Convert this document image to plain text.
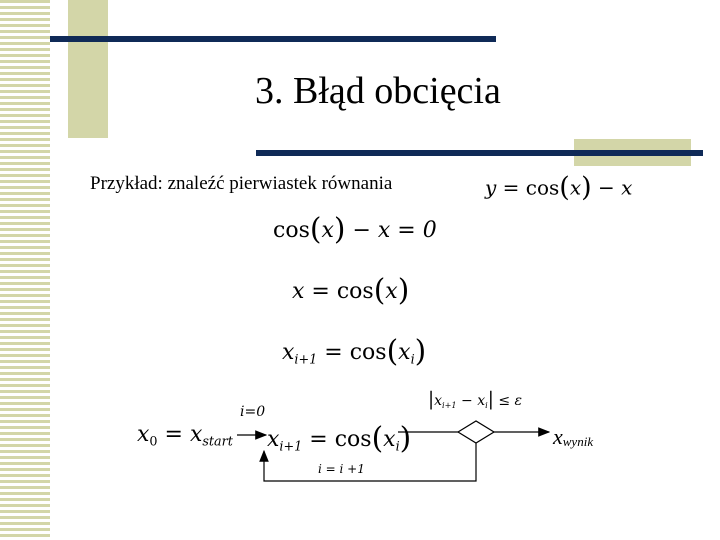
3. Błąd obcięcia
Przykład: znaleźć pierwiastek równania	y = cos(x) − x
cos(x) − x = 0
x = cos(x)
$x_{i+1} = \cos(x_i)$
$x_0 = x_{start}$
i=0
$x_{i+1} = \cos(x_i)$
i = i +1
$|x_{i+1} - x_i| \le \varepsilon$
xwynik
